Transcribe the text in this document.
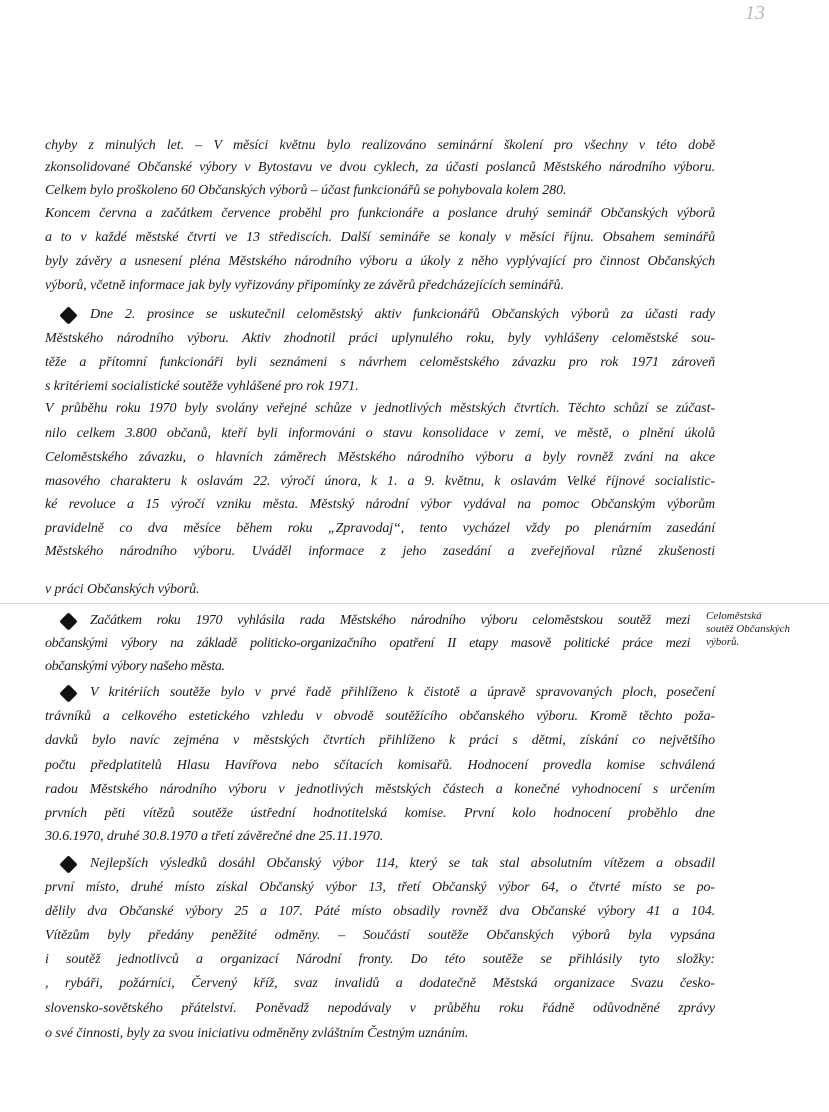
13
chyby z minulých let. – V měsíci květnu bylo realizováno seminární školení pro všechny v této době
zkonsolidované Občanské výbory v Bytostavu ve dvou cyklech, za účasti poslanců Městského národního výboru.
Celkem bylo proškoleno 60 Občanských výborů – účast funkcionářů se pohybovala kolem 280.
Koncem června a začátkem července proběhl pro funkcionáře a poslance druhý seminář Občanských výborů
a to v každé městské čtvrti ve 13 střediscích. Další semináře se konaly v měsíci říjnu. Obsahem seminářů
byly závěry a usnesení pléna Městského národního výboru a úkoly z něho vyplývající pro činnost Občanských
výborů, včetně informace jak byly vyřizovány připomínky ze závěrů předcházejících seminářů.
Dne 2. prosince se uskutečnil celoměstský aktiv funkcionářů Občanských výborů za účasti rady
Městského národního výboru. Aktiv zhodnotil práci uplynulého roku, byly vyhlášeny celoměstské sou-
těže a přítomní funkcionáři byli seznámeni s návrhem celoměstského závazku pro rok 1971 zároveň
s kritériemi socialistické soutěže vyhlášené pro rok 1971.
V průběhu roku 1970 byly svolány veřejné schůze v jednotlivých městských čtvrtích. Těchto schůzí se zúčast-
nilo celkem 3.800 občanů, kteří byli informováni o stavu konsolidace v zemi, ve městě, o plnění úkolů
Celoměstského závazku, o hlavních záměrech Městského národního výboru a byly rovněž zváni na akce
masového charakteru k oslavám 22. výročí února, k 1. a 9. květnu, k oslavám Velké říjnové socialistic-
ké revoluce a 15 výročí vzniku města. Městský národní výbor vydával na pomoc Občanským výborům
pravidelně co dva měsíce během roku „Zpravodaj“, tento vycházel vždy po plenárním zasedání
Městského národního výboru. Uváděl informace z jeho zasedání a zveřejňoval různé zkušenosti
v práci Občanských výborů.
Začátkem roku 1970 vyhlásila rada Městského národního výboru celoměstskou soutěž mezi
občanskými výbory na základě politicko-organizačního opatření II etapy masově politické práce mezi
občanskými výbory našeho města.
V kritériích soutěže bylo v prvé řadě přihlíženo k čistotě a úpravě spravovaných ploch, posečení
trávníků a celkového estetického vzhledu v obvodě soutěžícího občanského výboru. Kromě těchto poža-
davků bylo navíc zejména v městských čtvrtích přihlíženo k práci s dětmi, získání co největšího
počtu předplatitelů Hlasu Havířova nebo sčítacích komisařů. Hodnocení provedla komise schválená
radou Městského národního výboru v jednotlivých městských částech a konečné vyhodnocení s určením
prvních pěti vítězů soutěže ústřední hodnotitelská komise. První kolo hodnocení proběhlo dne
30.6.1970, druhé 30.8.1970 a třetí závěrečné dne 25.11.1970.
Nejlepších výsledků dosáhl Občanský výbor 114, který se tak stal absolutním vítězem a obsadil
první místo, druhé místo získal Občanský výbor 13, třetí Občanský výbor 64, o čtvrté místo se po-
dělily dva Občanské výbory 25 a 107. Páté místo obsadily rovněž dva Občanské výbory 41 a 104.
Vítězům byly předány peněžité odměny. – Součástí soutěže Občanských výborů byla vypsána
i soutěž jednotlivců a organizací Národní fronty. Do této soutěže se přihlásily tyto složky:
, rybáři, požárníci, Červený kříž, svaz invalidů a dodatečně Městská organizace Svazu česko-
slovensko-sovětského přátelství. Poněvadž nepodávaly v průběhu roku řádně odůvodněné zprávy
o své činnosti, byly za svou iniciativu odměněny zvláštním Čestným uznáním.
Celoměstská
soutěž Občanských
výborů.
